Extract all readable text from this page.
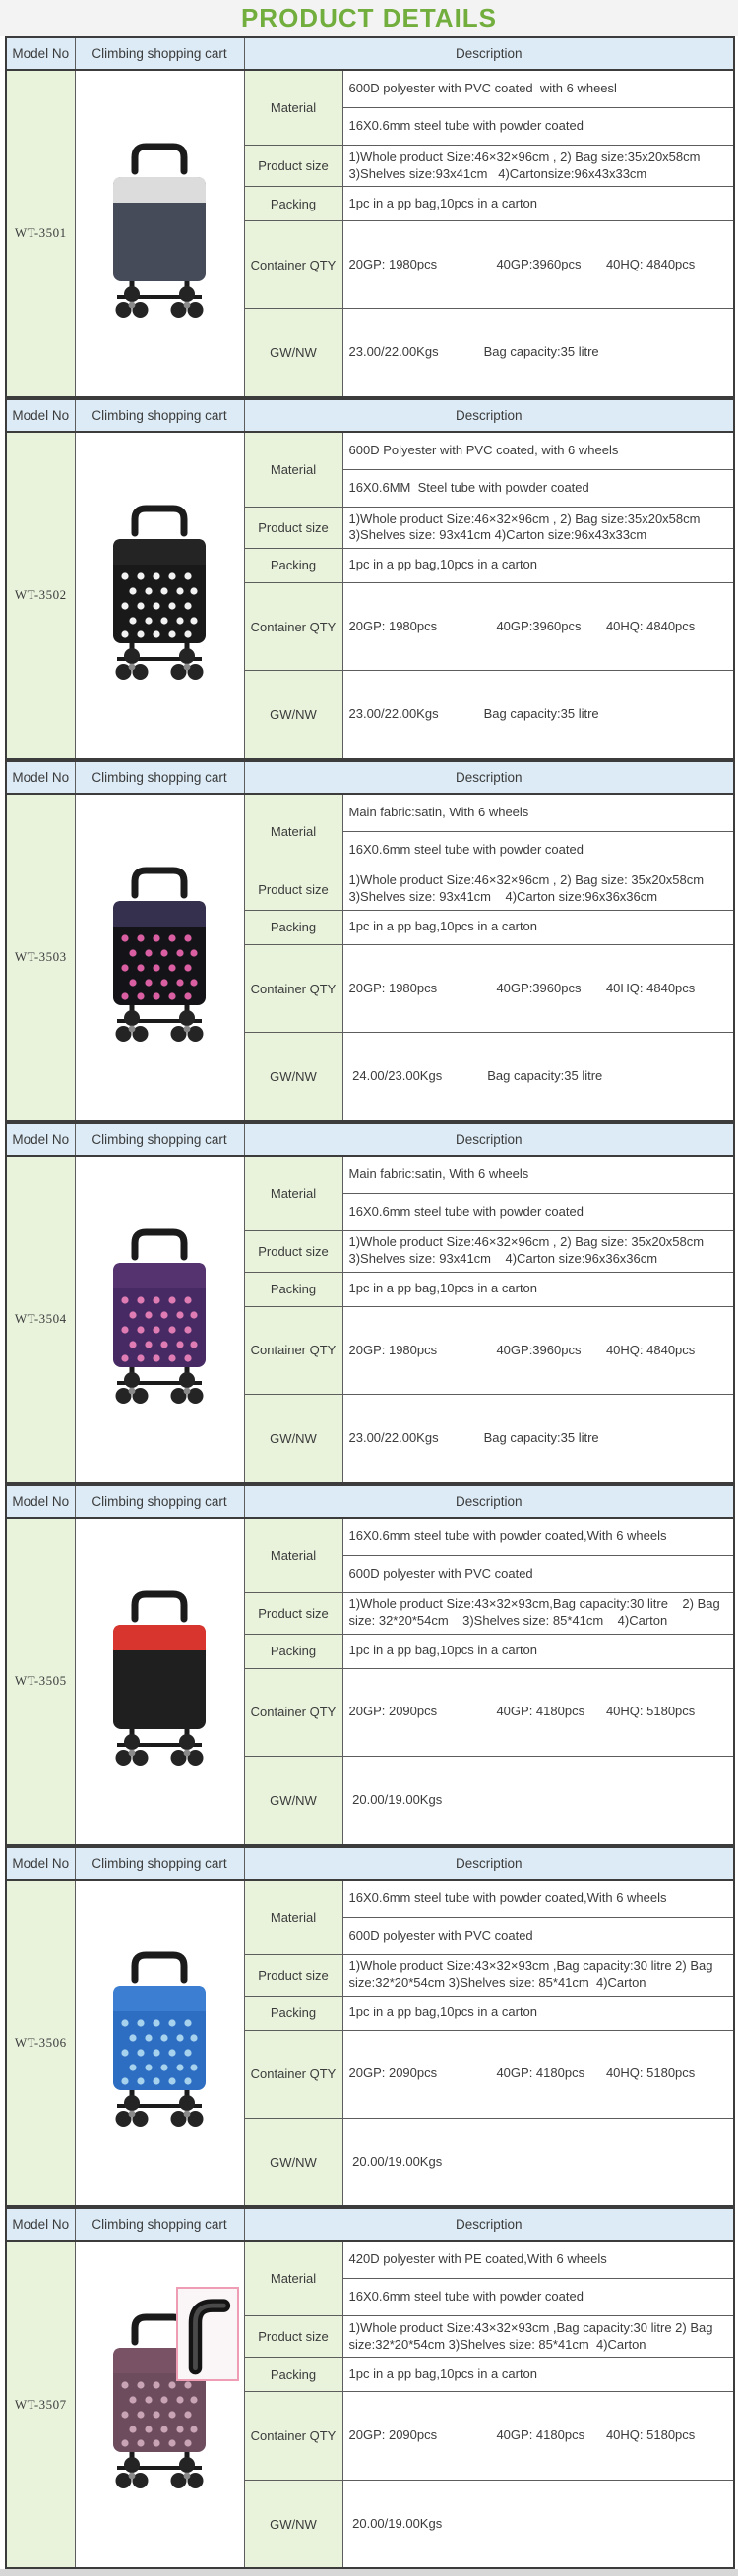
PRODUCT DETAILS
Model No	Climbing shopping cart	Description	
WT-3501		Material	600D polyester with PVC coated  with 6 wheesl
			16X0.6mm steel tube with powder coated
		Product size	1)Whole product Size:46×32×96cm , 2) Bag size:35x20x58cm 3)Shelves size:93x41cm   4)Cartonsize:96x43x33cm
		Packing	1pc in a pp bag,10pcs in a carton
		Container QTY	20GP: 1980pcs 40GP:3960pcs 40HQ: 4840pcs

		GW/NW	23.00/22.00Kgs Bag capacity:35 litre

Model No	Climbing shopping cart	Description	
WT-3502		Material	600D Polyester with PVC coated, with 6 wheels
			16X0.6MM  Steel tube with powder coated
		Product size	1)Whole product Size:46×32×96cm , 2) Bag size:35x20x58cm 3)Shelves size: 93x41cm 4)Carton size:96x43x33cm
		Packing	1pc in a pp bag,10pcs in a carton
		Container QTY	20GP: 1980pcs 40GP:3960pcs 40HQ: 4840pcs

		GW/NW	23.00/22.00Kgs Bag capacity:35 litre

Model No	Climbing shopping cart	Description	
WT-3503		Material	Main fabric:satin, With 6 wheels
			16X0.6mm steel tube with powder coated
		Product size	1)Whole product Size:46×32×96cm , 2) Bag size: 35x20x58cm 3)Shelves size: 93x41cm    4)Carton size:96x36x36cm
		Packing	1pc in a pp bag,10pcs in a carton
		Container QTY	20GP: 1980pcs 40GP:3960pcs 40HQ: 4840pcs

		GW/NW	24.00/23.00Kgs Bag capacity:35 litre

Model No	Climbing shopping cart	Description	
WT-3504		Material	Main fabric:satin, With 6 wheels
			16X0.6mm steel tube with powder coated
		Product size	1)Whole product Size:46×32×96cm , 2) Bag size: 35x20x58cm 3)Shelves size: 93x41cm    4)Carton size:96x36x36cm
		Packing	1pc in a pp bag,10pcs in a carton
		Container QTY	20GP: 1980pcs 40GP:3960pcs 40HQ: 4840pcs

		GW/NW	23.00/22.00Kgs Bag capacity:35 litre

Model No	Climbing shopping cart	Description	
WT-3505		Material	16X0.6mm steel tube with powder coated,With 6 wheels
			600D polyester with PVC coated
		Product size	1)Whole product Size:43×32×93cm,Bag capacity:30 litre    2) Bag size: 32*20*54cm    3)Shelves size: 85*41cm    4)Carton
		Packing	1pc in a pp bag,10pcs in a carton
		Container QTY	20GP: 2090pcs 40GP: 4180pcs 40HQ: 5180pcs

		GW/NW	20.00/19.00Kgs

Model No	Climbing shopping cart	Description	
WT-3506		Material	16X0.6mm steel tube with powder coated,With 6 wheels
			600D polyester with PVC coated
		Product size	1)Whole product Size:43×32×93cm ,Bag capacity:30 litre 2) Bag size:32*20*54cm 3)Shelves size: 85*41cm  4)Carton
		Packing	1pc in a pp bag,10pcs in a carton
		Container QTY	20GP: 2090pcs 40GP: 4180pcs 40HQ: 5180pcs

		GW/NW	20.00/19.00Kgs

Model No	Climbing shopping cart	Description	
WT-3507		Material	420D polyester with PE coated,With 6 wheels
			16X0.6mm steel tube with powder coated
		Product size	1)Whole product Size:43×32×93cm ,Bag capacity:30 litre 2) Bag size:32*20*54cm 3)Shelves size: 85*41cm  4)Carton
		Packing	1pc in a pp bag,10pcs in a carton
		Container QTY	20GP: 2090pcs 40GP: 4180pcs 40HQ: 5180pcs

		GW/NW	20.00/19.00Kgs
